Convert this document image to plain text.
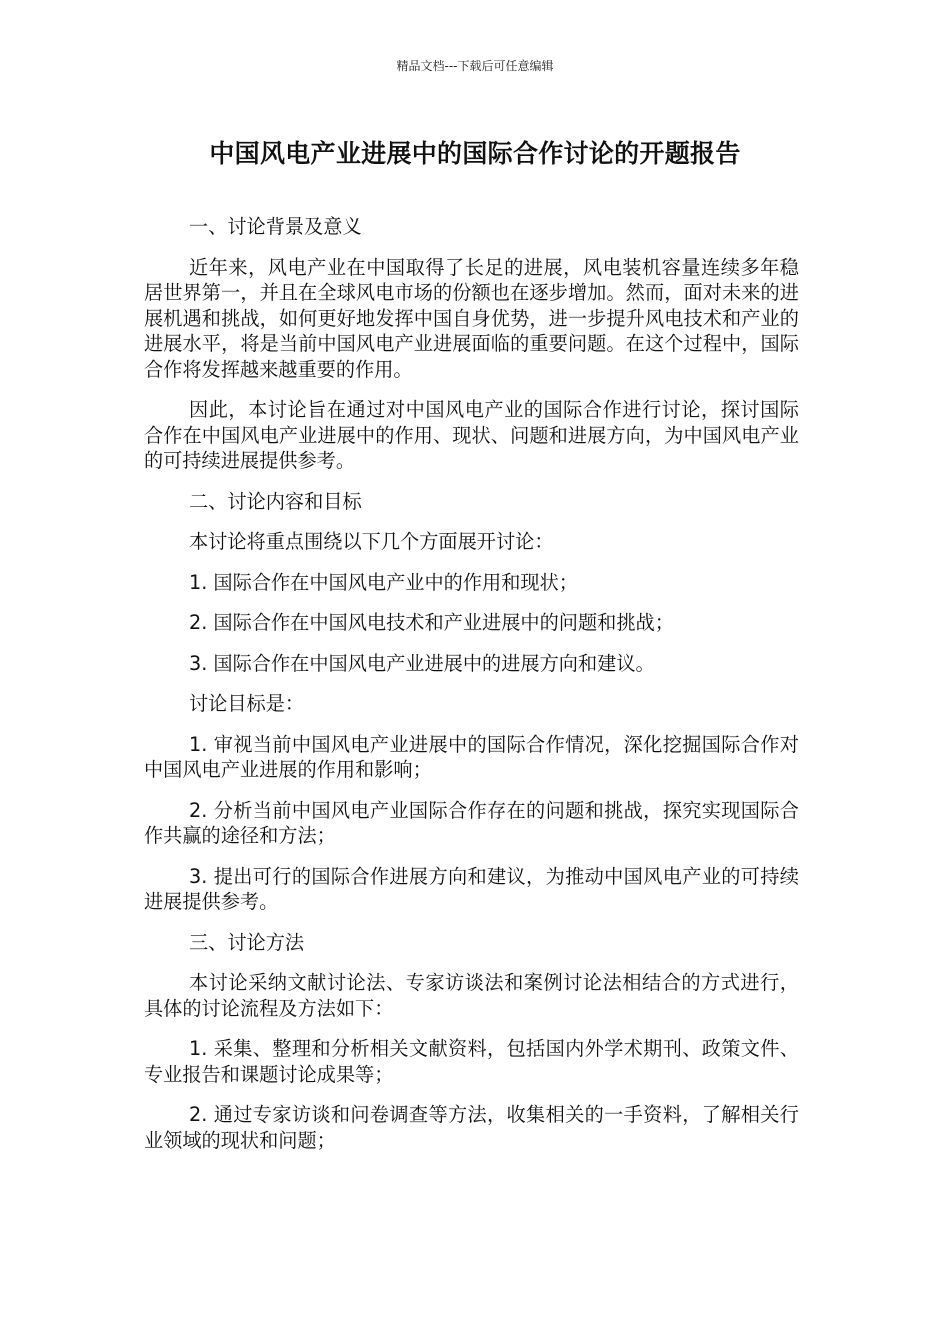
精品文档---下载后可任意编辑
中国风电产业进展中的国际合作讨论的开题报告

一、讨论背景及意义

近年来，风电产业在中国取得了长足的进展，风电装机容量连续多年稳居世界第一，并且在全球风电市场的份额也在逐步增加。然而，面对未来的进展机遇和挑战，如何更好地发挥中国自身优势，进一步提升风电技术和产业的进展水平，将是当前中国风电产业进展面临的重要问题。在这个过程中，国际合作将发挥越来越重要的作用。

因此，本讨论旨在通过对中国风电产业的国际合作进行讨论，探讨国际合作在中国风电产业进展中的作用、现状、问题和进展方向，为中国风电产业的可持续进展提供参考。

二、讨论内容和目标

本讨论将重点围绕以下几个方面展开讨论：

1. 国际合作在中国风电产业中的作用和现状；

2. 国际合作在中国风电技术和产业进展中的问题和挑战；

3. 国际合作在中国风电产业进展中的进展方向和建议。

讨论目标是：

1. 审视当前中国风电产业进展中的国际合作情况，深化挖掘国际合作对中国风电产业进展的作用和影响；

2. 分析当前中国风电产业国际合作存在的问题和挑战，探究实现国际合作共赢的途径和方法；

3. 提出可行的国际合作进展方向和建议，为推动中国风电产业的可持续进展提供参考。

三、讨论方法

本讨论采纳文献讨论法、专家访谈法和案例讨论法相结合的方式进行，具体的讨论流程及方法如下：

1. 采集、整理和分析相关文献资料，包括国内外学术期刊、政策文件、专业报告和课题讨论成果等；

2. 通过专家访谈和问卷调查等方法，收集相关的一手资料，了解相关行业领域的现状和问题；
